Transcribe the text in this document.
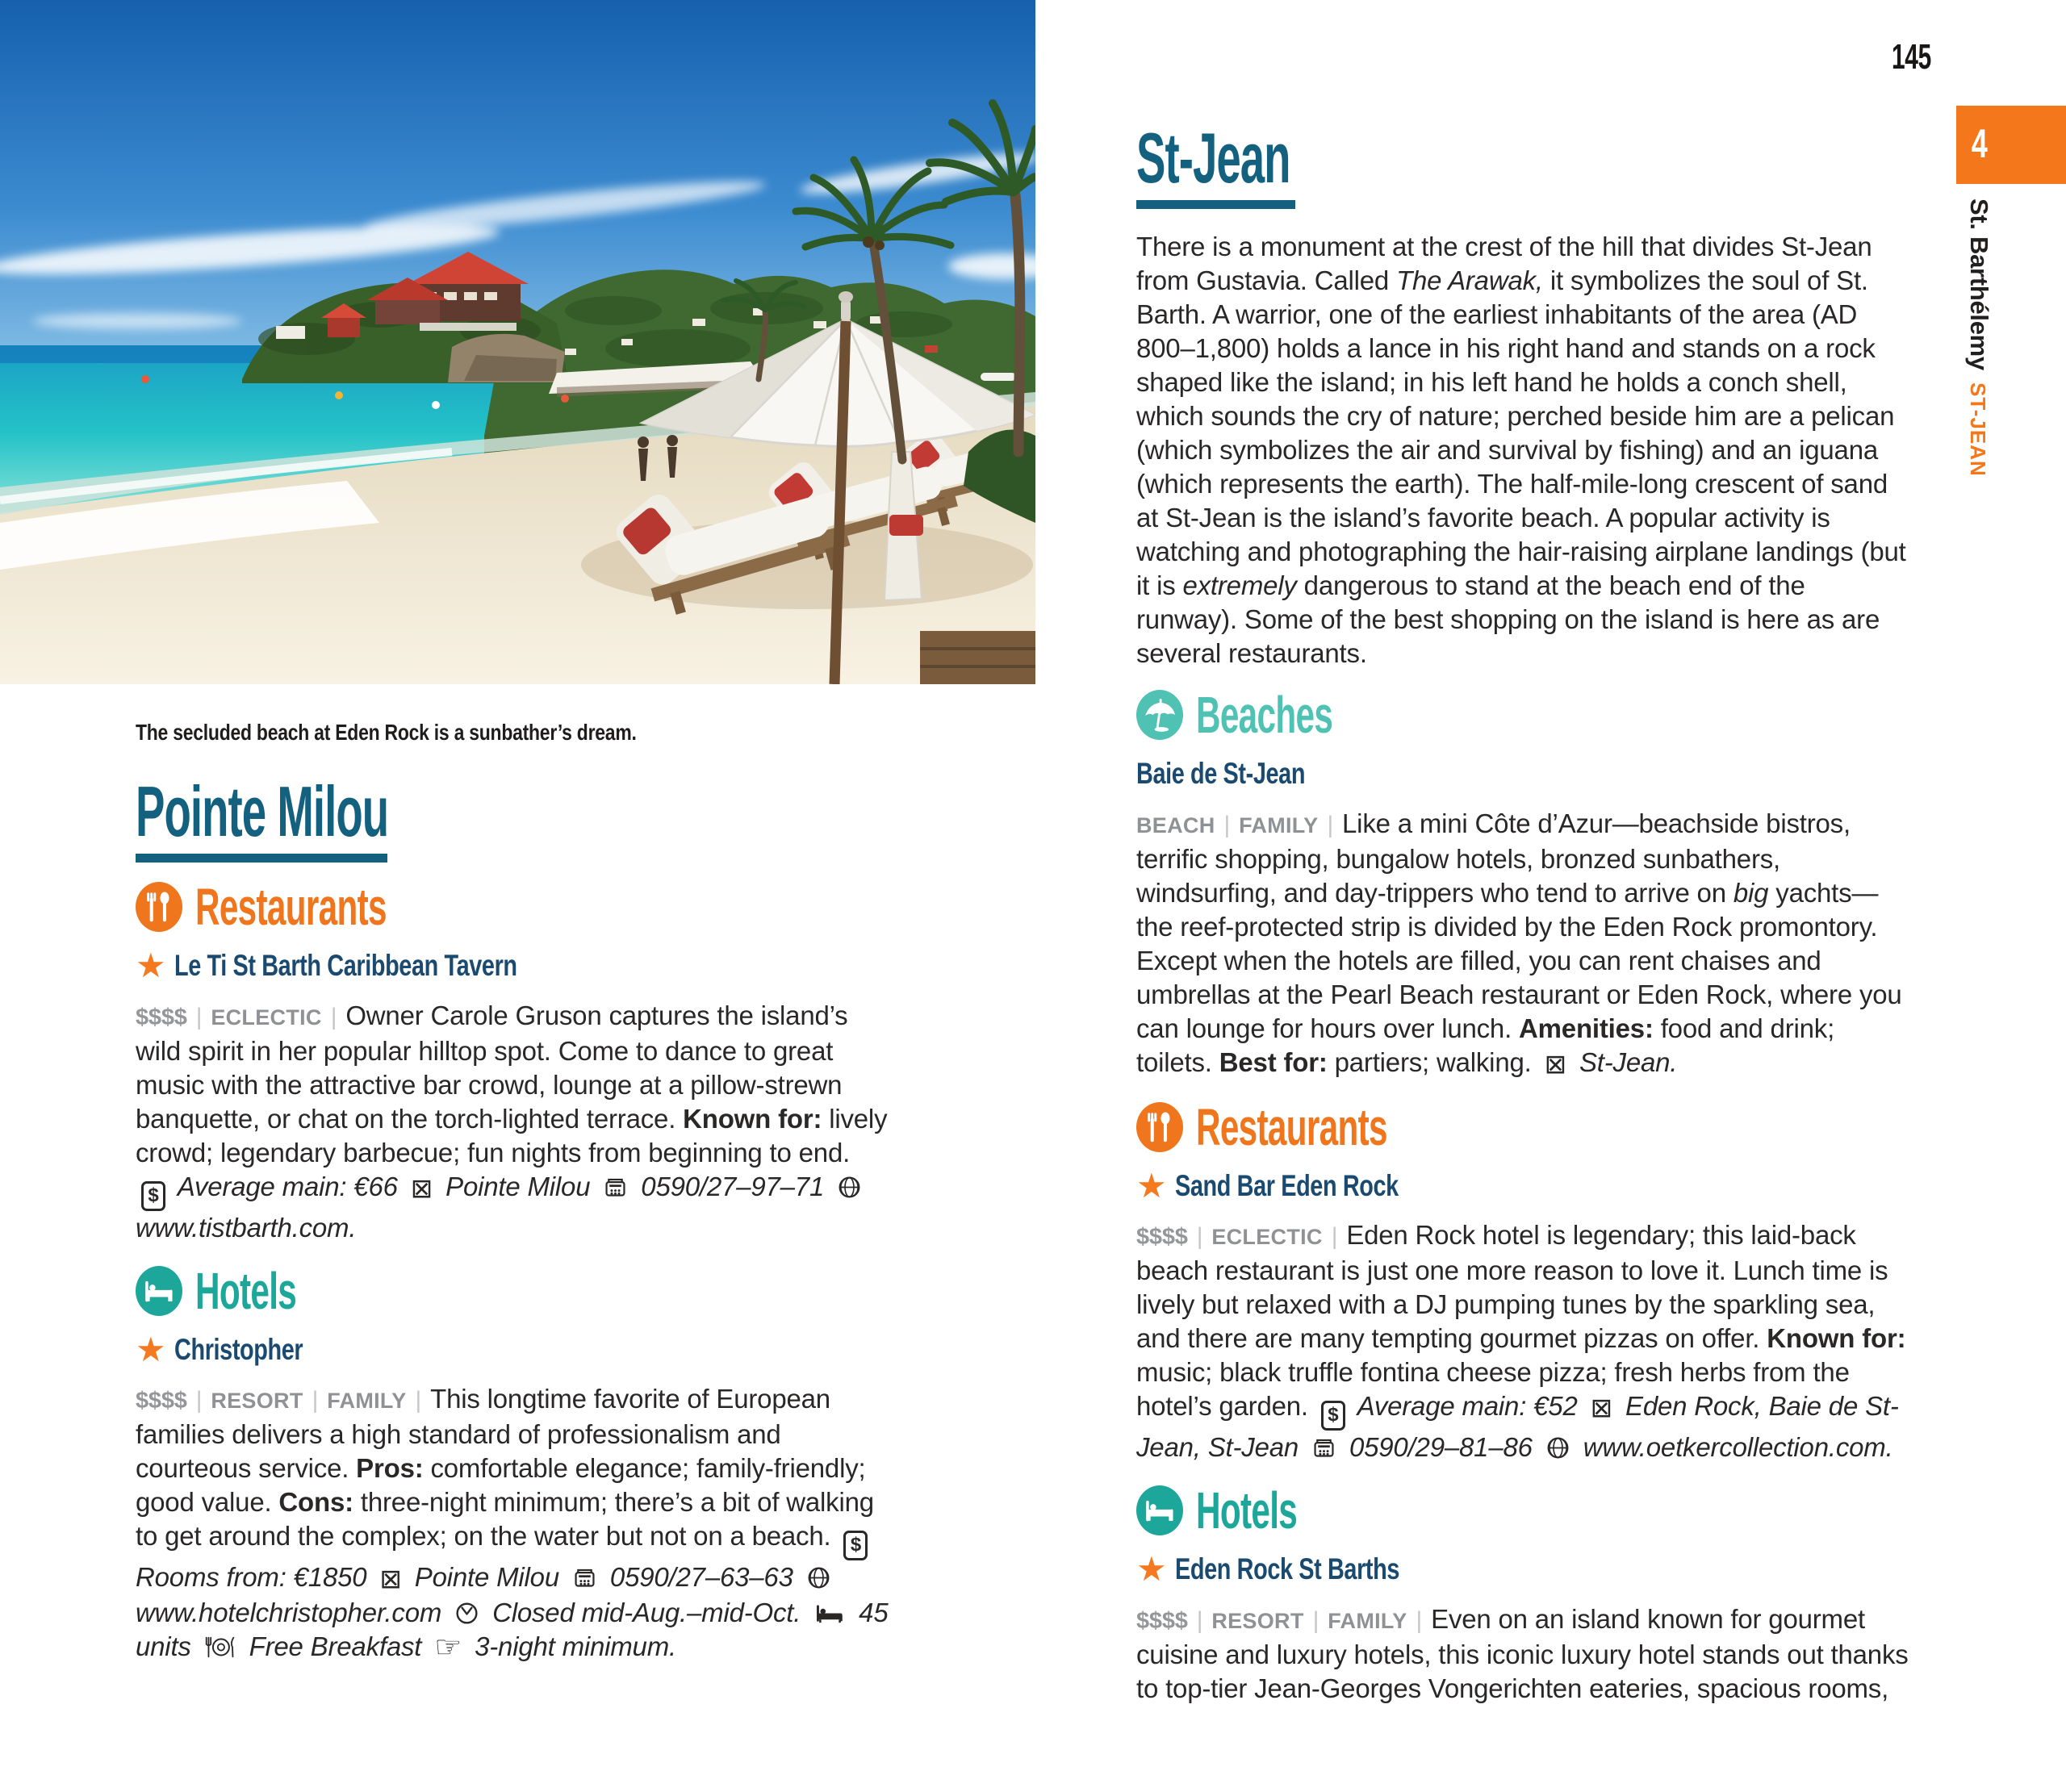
The secluded beach at Eden Rock is a sunbather’s dream.

Pointe Milou
Restaurants
★ Le Ti St Barth Caribbean Tavern

$$$$ | ECLECTIC | Owner Carole Gruson captures the island’s wild spirit in her popular hilltop spot. Come to dance to great music with the attractive bar crowd, lounge at a pillow-strewn banquette, or chat on the torch-lighted terrace. Known for: lively crowd; legendary barbecue; fun nights from beginning to end. $ Average main: €66 ⊠ Pointe Milou  0590/27–97–71  www.tistbarth.com.

Hotels
★ Christopher

$$$$ | RESORT | FAMILY | This longtime favorite of European families delivers a high standard of professionalism and courteous service. Pros: comfortable elegance; family-friendly; good value. Cons: three-night minimum; there’s a bit of walking to get around the complex; on the water but not on a beach. $ Rooms from: €1850 ⊠ Pointe Milou  0590/27–63–63  www.hotelchristopher.com  Closed mid-Aug.–mid-Oct.  45 units  Free Breakfast ☞ 3-night minimum.

St-Jean

There is a monument at the crest of the hill that divides St-Jean from Gustavia. Called The Arawak, it symbolizes the soul of St. Barth. A warrior, one of the earliest inhabitants of the area (AD 800–1,800) holds a lance in his right hand and stands on a rock shaped like the island; in his left hand he holds a conch shell, which sounds the cry of nature; perched beside him are a pelican (which symbolizes the air and survival by fishing) and an iguana (which represents the earth). The half-mile-long crescent of sand at St-Jean is the island’s favorite beach. A popular activity is watching and photographing the hair-raising airplane landings (but it is extremely dangerous to stand at the beach end of the runway). Some of the best shopping on the island is here as are several restaurants.

Beaches
Baie de St-Jean

BEACH | FAMILY | Like a mini Côte d’Azur—beachside bistros, terrific shopping, bungalow hotels, bronzed sunbathers, windsurfing, and day-trippers who tend to arrive on big yachts—the reef-protected strip is divided by the Eden Rock promontory. Except when the hotels are filled, you can rent chaises and umbrellas at the Pearl Beach restaurant or Eden Rock, where you can lounge for hours over lunch. Amenities: food and drink; toilets. Best for: partiers; walking. ⊠ St-Jean.

Restaurants
★ Sand Bar Eden Rock

$$$$ | ECLECTIC | Eden Rock hotel is legendary; this laid-back beach restaurant is just one more reason to love it. Lunch time is lively but relaxed with a DJ pumping tunes by the sparkling sea, and there are many tempting gourmet pizzas on offer. Known for: music; black truffle fontina cheese pizza; fresh herbs from the hotel’s garden. $ Average main: €52 ⊠ Eden Rock, Baie de St-Jean, St-Jean  0590/29–81–86  www.oetkercollection.com.

Hotels
★ Eden Rock St Barths

$$$$ | RESORT | FAMILY | Even on an island known for gourmet cuisine and luxury hotels, this iconic luxury hotel stands out thanks to top-tier Jean-Georges Vongerichten eateries, spacious rooms,

145
4
St. Barthélemy
ST-JEAN
